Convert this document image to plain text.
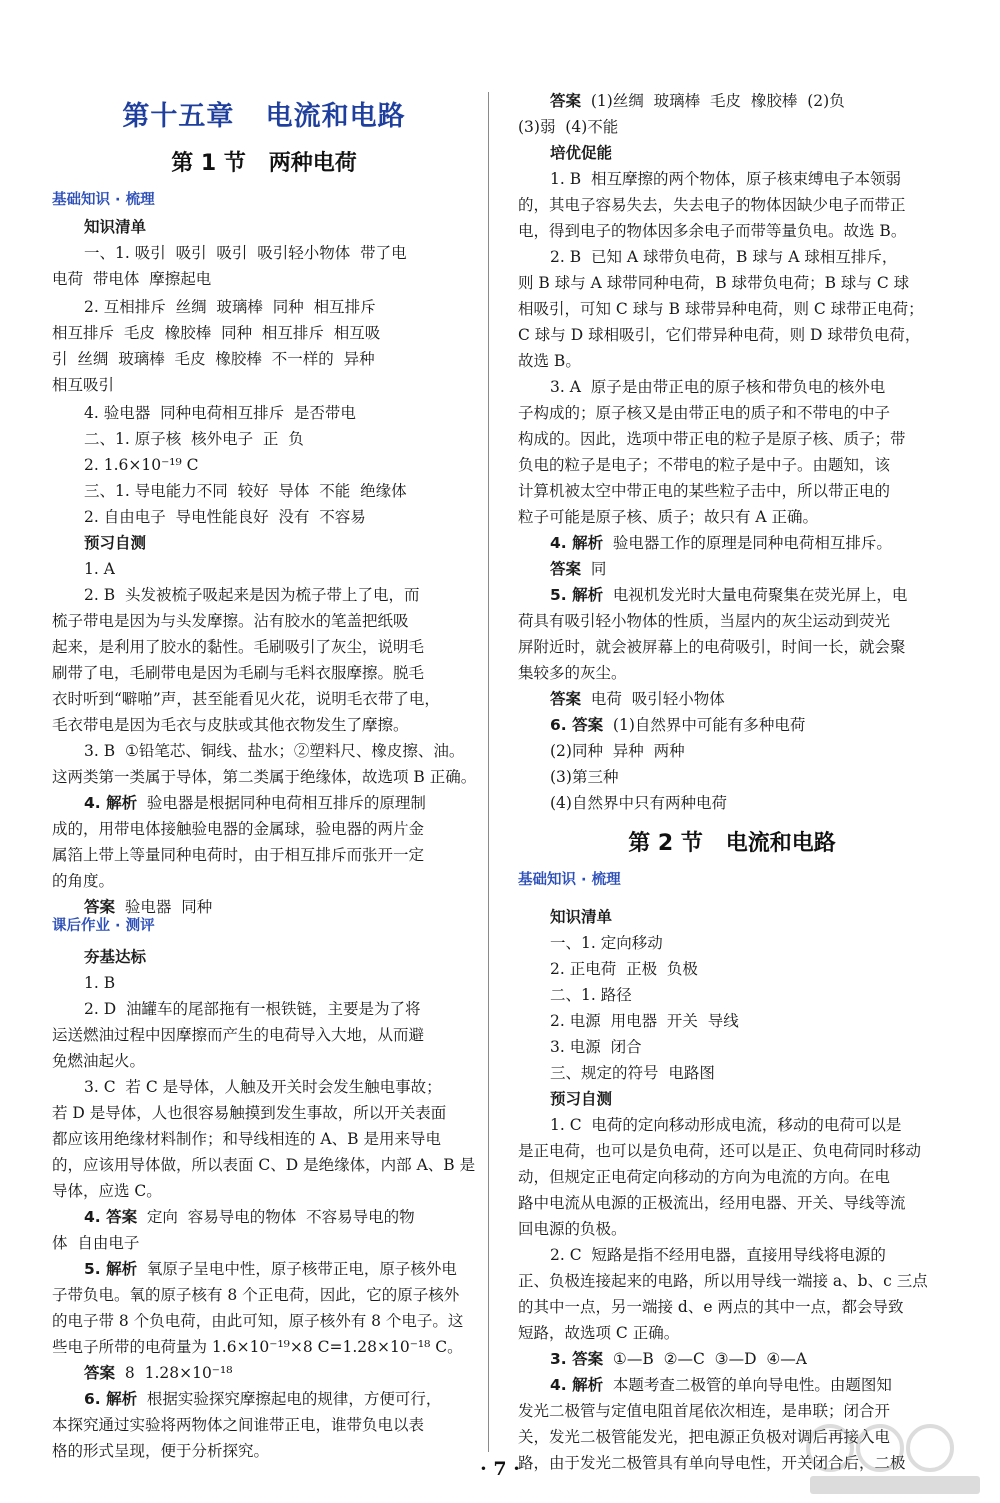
第十五章   电流和电路
第 1 节   两种电荷
基础知识 · 梳理
课后作业 · 测评
知识清单
一、1. 吸引  吸引  吸引  吸引轻小物体  带了电
电荷  带电体  摩擦起电
2. 互相排斥  丝绸  玻璃棒  同种  相互排斥
相互排斥  毛皮  橡胶棒  同种  相互排斥  相互吸
引  丝绸  玻璃棒  毛皮  橡胶棒  不一样的  异种
相互吸引
4. 验电器  同种电荷相互排斥  是否带电
二、1. 原子核  核外电子  正  负
2. 1.6×10⁻¹⁹ C
三、1. 导电能力不同  较好  导体  不能  绝缘体
2. 自由电子  导电性能良好  没有  不容易
预习自测
1. A
2. B  头发被梳子吸起来是因为梳子带上了电，而
梳子带电是因为与头发摩擦。沾有胶水的笔盖把纸吸
起来，是利用了胶水的黏性。毛刷吸引了灰尘，说明毛
刷带了电，毛刷带电是因为毛刷与毛料衣服摩擦。脱毛
衣时听到“噼啪”声，甚至能看见火花，说明毛衣带了电，
毛衣带电是因为毛衣与皮肤或其他衣物发生了摩擦。
3. B  ①铅笔芯、铜线、盐水；②塑料尺、橡皮擦、油。
这两类第一类属于导体，第二类属于绝缘体，故选项 B 正确。
4. 解析  验电器是根据同种电荷相互排斥的原理制
成的，用带电体接触验电器的金属球，验电器的两片金
属箔上带上等量同种电荷时，由于相互排斥而张开一定
的角度。
答案  验电器  同种
夯基达标
1. B
2. D  油罐车的尾部拖有一根铁链，主要是为了将
运送燃油过程中因摩擦而产生的电荷导入大地，从而避
免燃油起火。
3. C  若 C 是导体，人触及开关时会发生触电事故；
若 D 是导体，人也很容易触摸到发生事故，所以开关表面
都应该用绝缘材料制作；和导线相连的 A、B 是用来导电
的，应该用导体做，所以表面 C、D 是绝缘体，内部 A、B 是
导体，应选 C。
4. 答案  定向  容易导电的物体  不容易导电的物
体  自由电子
5. 解析  氧原子呈电中性，原子核带正电，原子核外电
子带负电。氧的原子核有 8 个正电荷，因此，它的原子核外
的电子带 8 个负电荷，由此可知，原子核外有 8 个电子。这
些电子所带的电荷量为 1.6×10⁻¹⁹×8 C=1.28×10⁻¹⁸ C。
答案  8  1.28×10⁻¹⁸
6. 解析  根据实验探究摩擦起电的规律，方便可行，
本探究通过实验将两物体之间谁带正电，谁带负电以表
格的形式呈现，便于分析探究。
第 2 节   电流和电路
基础知识 · 梳理
答案  (1)丝绸  玻璃棒  毛皮  橡胶棒  (2)负
(3)弱  (4)不能
培优促能
1. B  相互摩擦的两个物体，原子核束缚电子本领弱
的，其电子容易失去，失去电子的物体因缺少电子而带正
电，得到电子的物体因多余电子而带等量负电。故选 B。
2. B  已知 A 球带负电荷，B 球与 A 球相互排斥，
则 B 球与 A 球带同种电荷，B 球带负电荷；B 球与 C 球
相吸引，可知 C 球与 B 球带异种电荷，则 C 球带正电荷；
C 球与 D 球相吸引，它们带异种电荷，则 D 球带负电荷，
故选 B。
3. A  原子是由带正电的原子核和带负电的核外电
子构成的；原子核又是由带正电的质子和不带电的中子
构成的。因此，选项中带正电的粒子是原子核、质子；带
负电的粒子是电子；不带电的粒子是中子。由题知，该
计算机被太空中带正电的某些粒子击中，所以带正电的
粒子可能是原子核、质子；故只有 A 正确。
4. 解析  验电器工作的原理是同种电荷相互排斥。
答案  同
5. 解析  电视机发光时大量电荷聚集在荧光屏上，电
荷具有吸引轻小物体的性质，当屋内的灰尘运动到荧光
屏附近时，就会被屏幕上的电荷吸引，时间一长，就会聚
集较多的灰尘。
答案  电荷  吸引轻小物体
6. 答案  (1)自然界中可能有多种电荷
(2)同种  异种  两种
(3)第三种
(4)自然界中只有两种电荷
知识清单
一、1. 定向移动
2. 正电荷  正极  负极
二、1. 路径
2. 电源  用电器  开关  导线
3. 电源  闭合
三、规定的符号  电路图
预习自测
1. C  电荷的定向移动形成电流，移动的电荷可以是
是正电荷，也可以是负电荷，还可以是正、负电荷同时移动
动，但规定正电荷定向移动的方向为电流的方向。在电
路中电流从电源的正极流出，经用电器、开关、导线等流
回电源的负极。
2. C  短路是指不经用电器，直接用导线将电源的
正、负极连接起来的电路，所以用导线一端接 a、b、c 三点
的其中一点，另一端接 d、e 两点的其中一点，都会导致
短路，故选项 C 正确。
3. 答案  ①—B  ②—C  ③—D  ④—A
4. 解析  本题考查二极管的单向导电性。由题图知
发光二极管与定值电阻首尾依次相连，是串联；闭合开
关，发光二极管能发光，把电源正负极对调后再接入电
路，由于发光二极管具有单向导电性，开关闭合后，二极
· 7 ·
